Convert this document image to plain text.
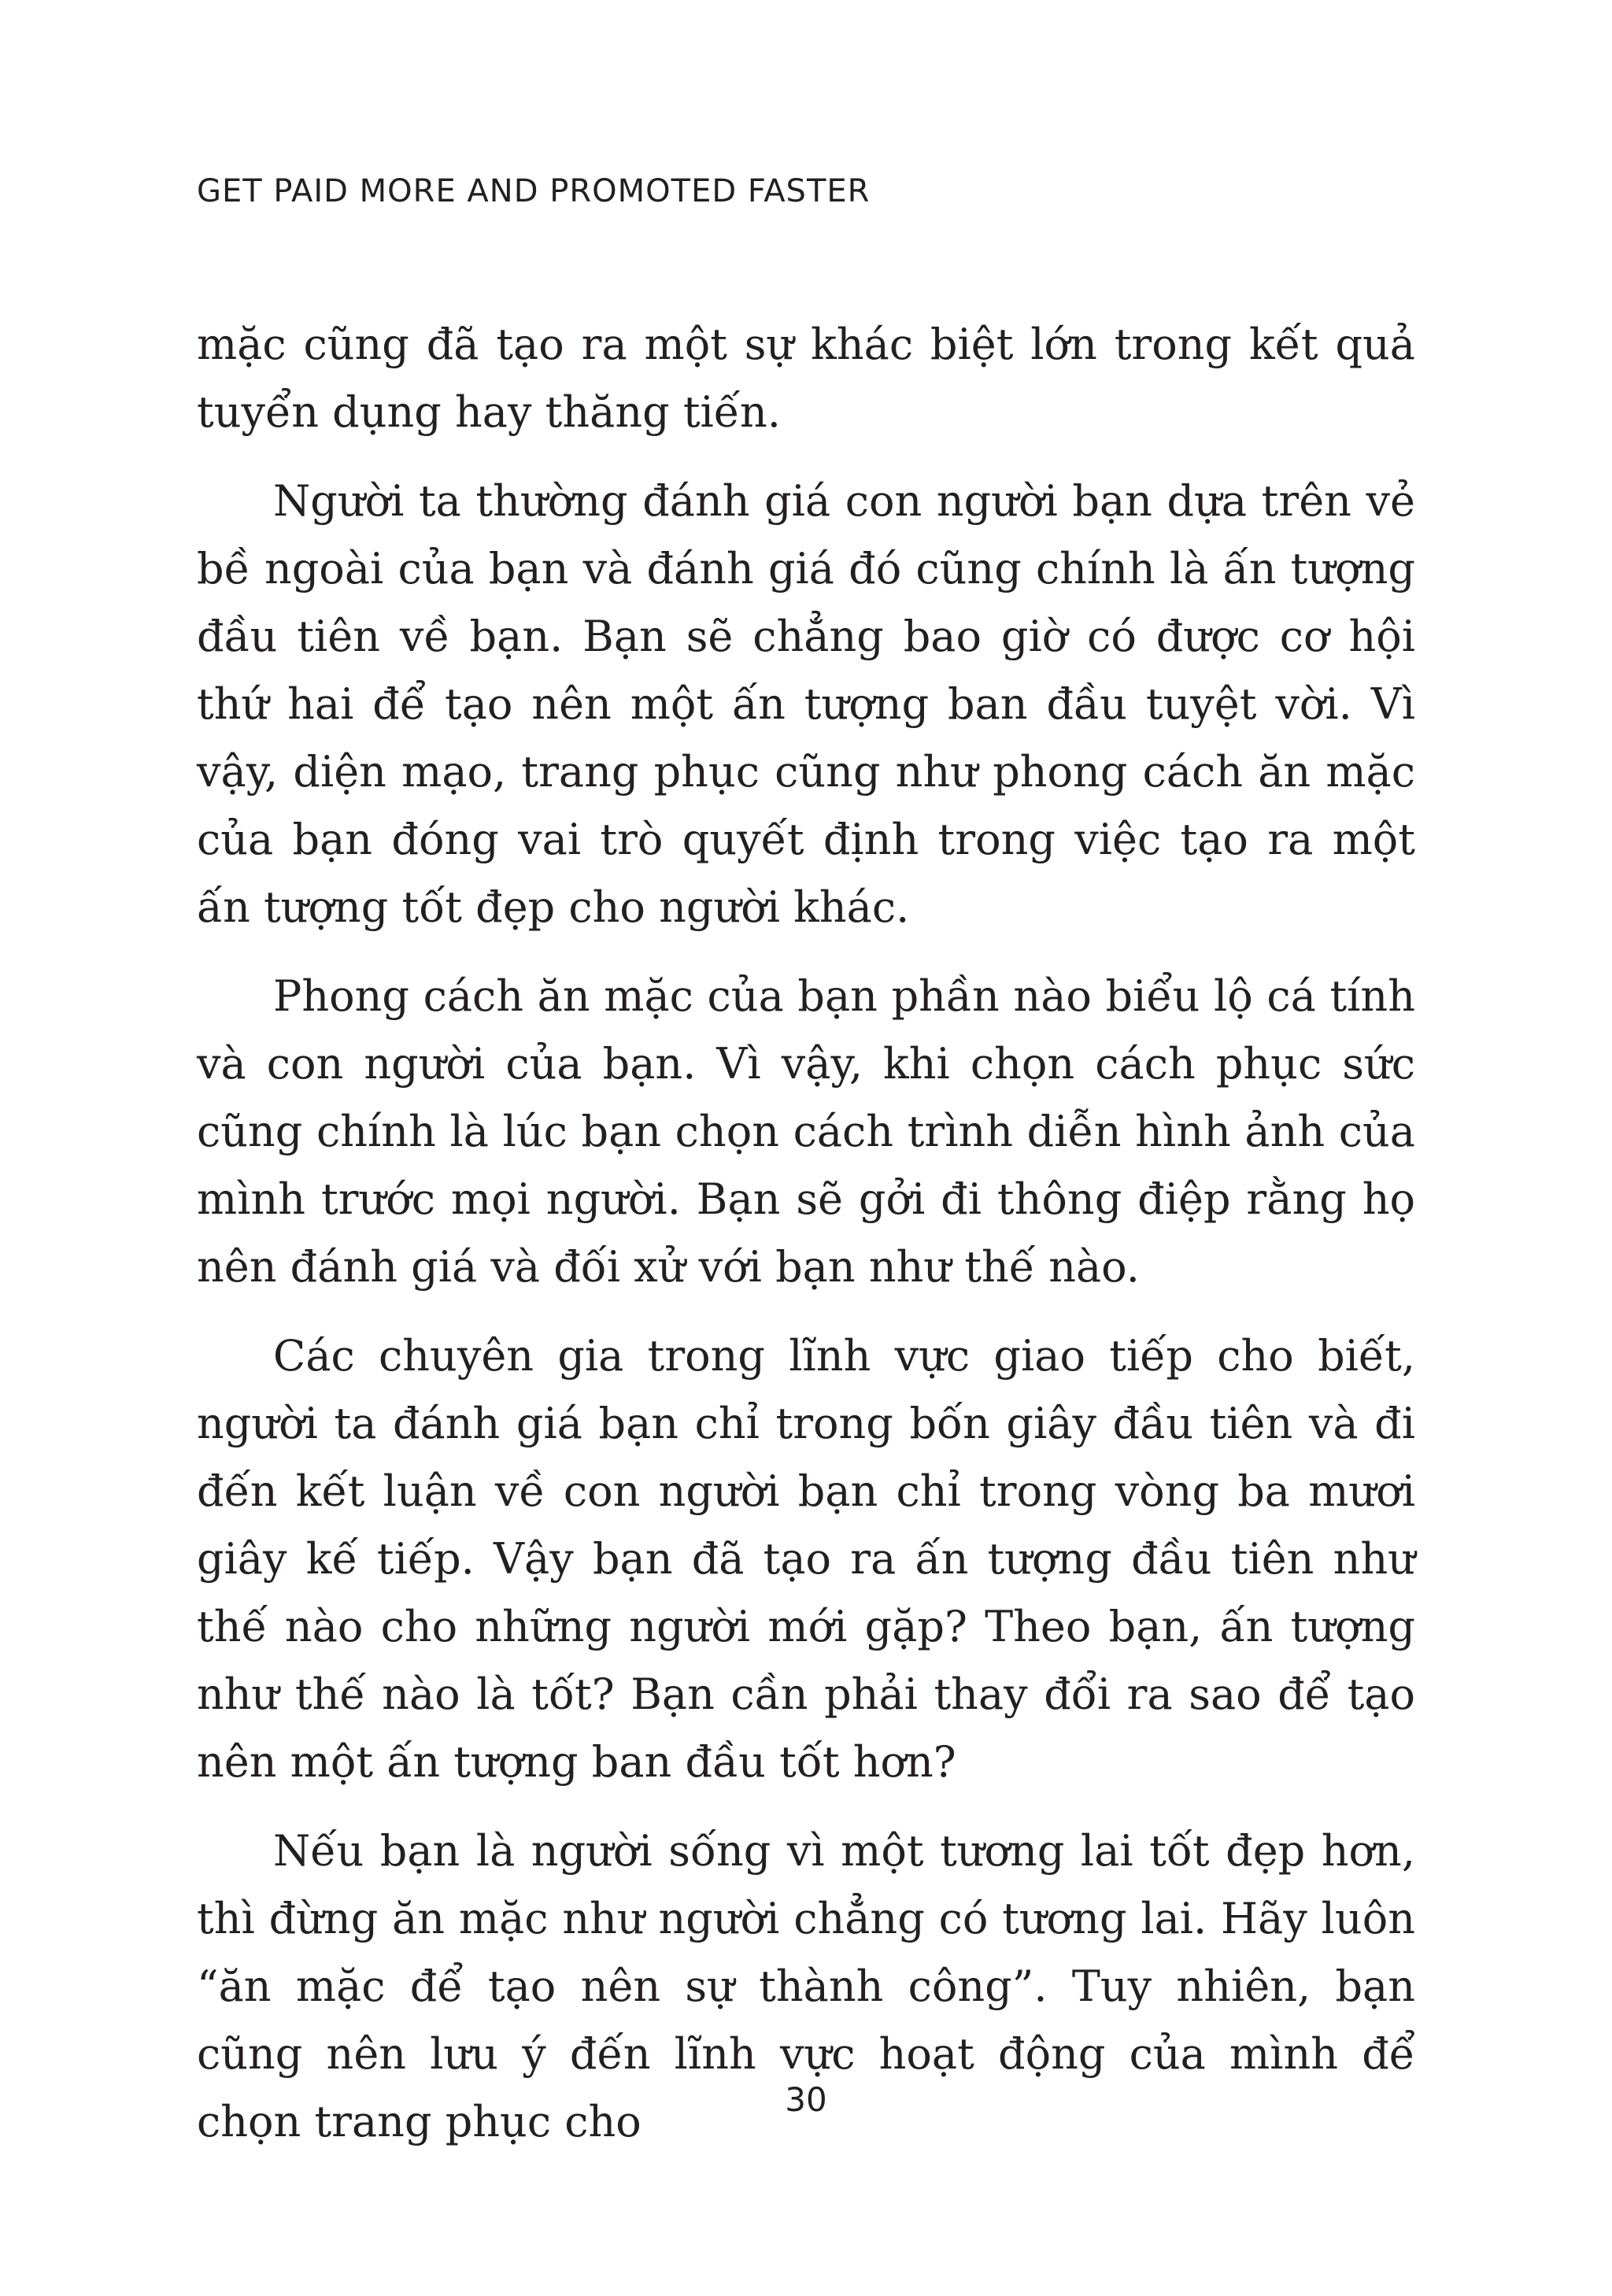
GET PAID MORE AND PROMOTED FASTER

mặc cũng đã tạo ra một sự khác biệt lớn trong kết quả tuyển dụng hay thăng tiến.

Người ta thường đánh giá con người bạn dựa trên vẻ bề ngoài của bạn và đánh giá đó cũng chính là ấn tượng đầu tiên về bạn. Bạn sẽ chẳng bao giờ có được cơ hội thứ hai để tạo nên một ấn tượng ban đầu tuyệt vời. Vì vậy, diện mạo, trang phục cũng như phong cách ăn mặc của bạn đóng vai trò quyết định trong việc tạo ra một ấn tượng tốt đẹp cho người khác.

Phong cách ăn mặc của bạn phần nào biểu lộ cá tính và con người của bạn. Vì vậy, khi chọn cách phục sức cũng chính là lúc bạn chọn cách trình diễn hình ảnh của mình trước mọi người. Bạn sẽ gởi đi thông điệp rằng họ nên đánh giá và đối xử với bạn như thế nào.

Các chuyên gia trong lĩnh vực giao tiếp cho biết, người ta đánh giá bạn chỉ trong bốn giây đầu tiên và đi đến kết luận về con người bạn chỉ trong vòng ba mươi giây kế tiếp. Vậy bạn đã tạo ra ấn tượng đầu tiên như thế nào cho những người mới gặp? Theo bạn, ấn tượng như thế nào là tốt? Bạn cần phải thay đổi ra sao để tạo nên một ấn tượng ban đầu tốt hơn?

Nếu bạn là người sống vì một tương lai tốt đẹp hơn, thì đừng ăn mặc như người chẳng có tương lai. Hãy luôn “ăn mặc để tạo nên sự thành công”. Tuy nhiên, bạn cũng nên lưu ý đến lĩnh vực hoạt động của mình để chọn trang phục cho	30
